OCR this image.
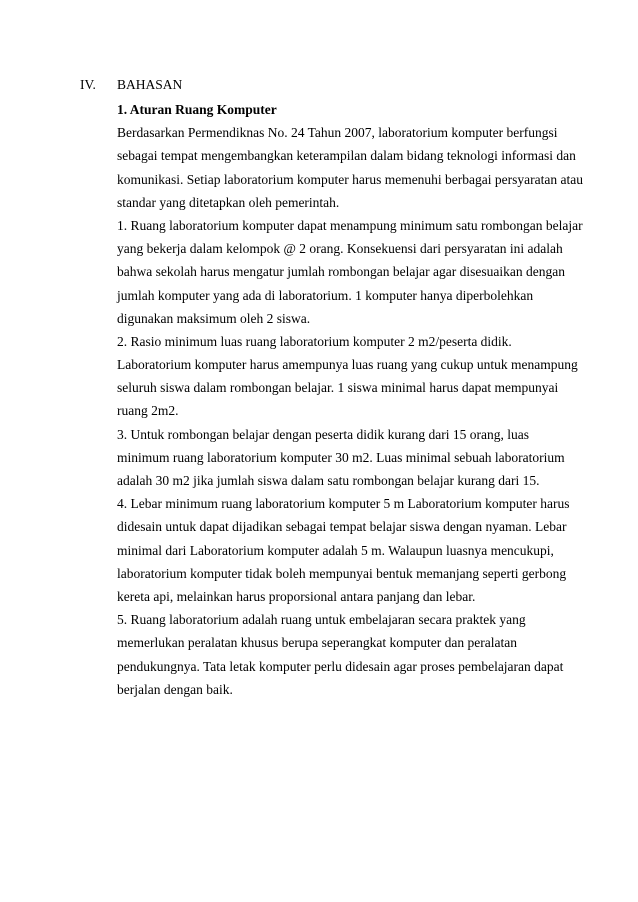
IV. BAHASAN
1. Aturan Ruang Komputer
Berdasarkan Permendiknas No. 24 Tahun 2007, laboratorium komputer berfungsi
sebagai tempat mengembangkan keterampilan dalam bidang teknologi informasi dan
komunikasi. Setiap laboratorium komputer harus memenuhi berbagai persyaratan atau
standar yang ditetapkan oleh pemerintah.
1. Ruang laboratorium komputer dapat menampung minimum satu rombongan belajar
yang bekerja dalam kelompok @ 2 orang. Konsekuensi dari persyaratan ini adalah
bahwa sekolah harus mengatur jumlah rombongan belajar agar disesuaikan dengan
jumlah komputer yang ada di laboratorium. 1 komputer hanya diperbolehkan
digunakan maksimum oleh 2 siswa.
2. Rasio minimum luas ruang laboratorium komputer 2 m2/peserta didik.
Laboratorium komputer harus amempunya luas ruang yang cukup untuk menampung
seluruh siswa dalam rombongan belajar. 1 siswa minimal harus dapat mempunyai
ruang 2m2.
3. Untuk rombongan belajar dengan peserta didik kurang dari 15 orang, luas
minimum ruang laboratorium komputer 30 m2. Luas minimal sebuah laboratorium
adalah 30 m2 jika jumlah siswa dalam satu rombongan belajar kurang dari 15.
4. Lebar minimum ruang laboratorium komputer 5 m Laboratorium komputer harus
didesain untuk dapat dijadikan sebagai tempat belajar siswa dengan nyaman. Lebar
minimal dari Laboratorium komputer adalah 5 m. Walaupun luasnya mencukupi,
laboratorium komputer tidak boleh mempunyai bentuk memanjang seperti gerbong
kereta api, melainkan harus proporsional antara panjang dan lebar.
5. Ruang laboratorium adalah ruang untuk embelajaran secara praktek yang
memerlukan peralatan khusus berupa seperangkat komputer dan peralatan
pendukungnya. Tata letak komputer perlu didesain agar proses pembelajaran dapat
berjalan dengan baik.
